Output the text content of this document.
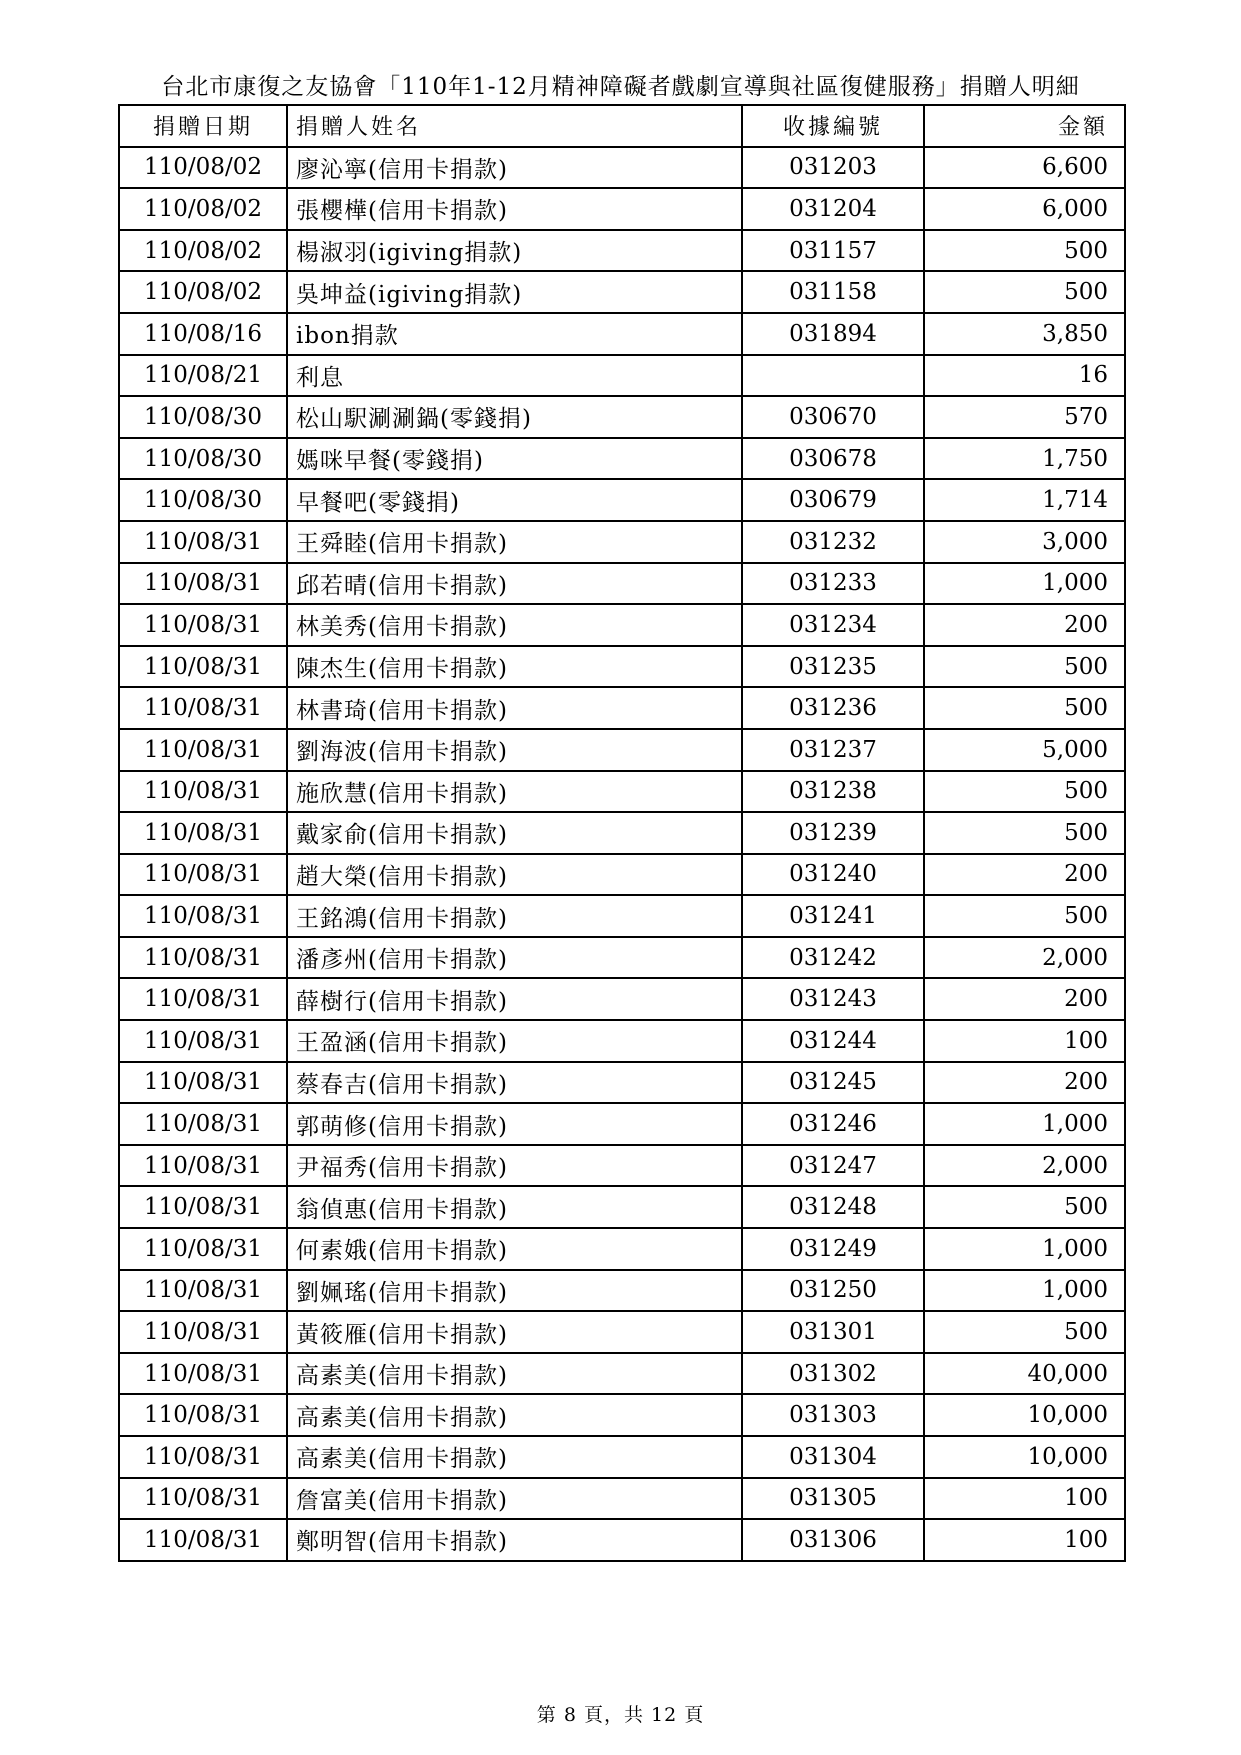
台北市康復之友協會「110年1-12月精神障礙者戲劇宣導與社區復健服務」捐贈人明細
捐贈日期	捐贈人姓名	收據編號	金額
110/08/02	廖沁寧(信用卡捐款)	031203	6,600
110/08/02	張櫻樺(信用卡捐款)	031204	6,000
110/08/02	楊淑羽(igiving捐款)	031157	500
110/08/02	吳坤益(igiving捐款)	031158	500
110/08/16	ibon捐款	031894	3,850
110/08/21	利息		16
110/08/30	松山駅涮涮鍋(零錢捐)	030670	570
110/08/30	媽咪早餐(零錢捐)	030678	1,750
110/08/30	早餐吧(零錢捐)	030679	1,714
110/08/31	王舜睦(信用卡捐款)	031232	3,000
110/08/31	邱若晴(信用卡捐款)	031233	1,000
110/08/31	林美秀(信用卡捐款)	031234	200
110/08/31	陳杰生(信用卡捐款)	031235	500
110/08/31	林書琦(信用卡捐款)	031236	500
110/08/31	劉海波(信用卡捐款)	031237	5,000
110/08/31	施欣慧(信用卡捐款)	031238	500
110/08/31	戴家俞(信用卡捐款)	031239	500
110/08/31	趙大榮(信用卡捐款)	031240	200
110/08/31	王銘鴻(信用卡捐款)	031241	500
110/08/31	潘彥州(信用卡捐款)	031242	2,000
110/08/31	薛樹行(信用卡捐款)	031243	200
110/08/31	王盈涵(信用卡捐款)	031244	100
110/08/31	蔡春吉(信用卡捐款)	031245	200
110/08/31	郭萌修(信用卡捐款)	031246	1,000
110/08/31	尹福秀(信用卡捐款)	031247	2,000
110/08/31	翁偵惠(信用卡捐款)	031248	500
110/08/31	何素娥(信用卡捐款)	031249	1,000
110/08/31	劉姵瑤(信用卡捐款)	031250	1,000
110/08/31	黃筱雁(信用卡捐款)	031301	500
110/08/31	高素美(信用卡捐款)	031302	40,000
110/08/31	高素美(信用卡捐款)	031303	10,000
110/08/31	高素美(信用卡捐款)	031304	10,000
110/08/31	詹富美(信用卡捐款)	031305	100
110/08/31	鄭明智(信用卡捐款)	031306	100
第 8 頁，共 12 頁
